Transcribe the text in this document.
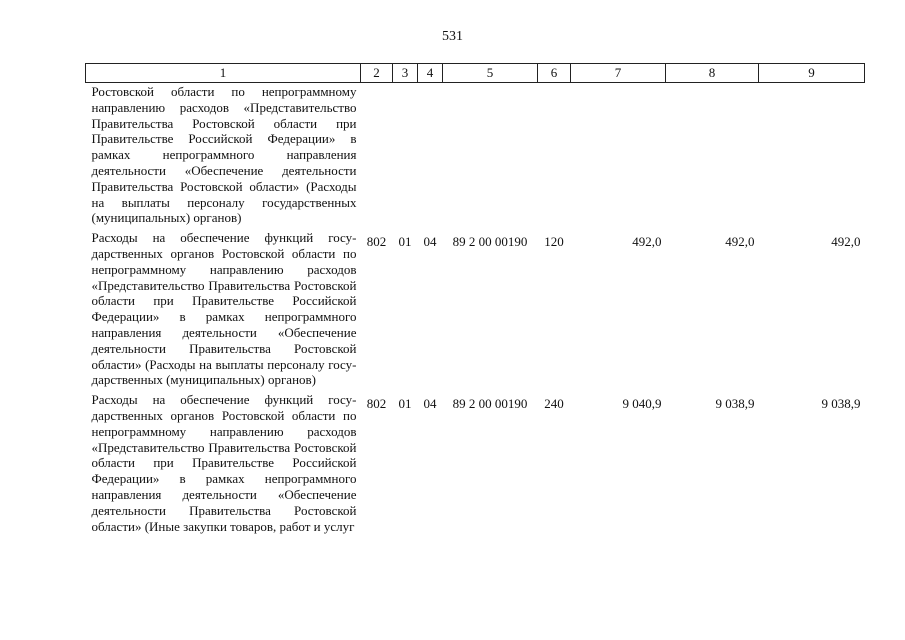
531
1	2	3	4	5	6	7	8	9
Ростовской области по непрограммному направлению расходов «Представительство Правительства Ростовской области при Правительстве Российской Федерации» в рамках непрограммного направления деятельности «Обеспечение деятельности Правительства Ростовской области» (Расходы на выплаты персоналу государственных (муниципальных) органов)								
Расходы на обеспечение функций государственных органов Ростовской области по непрограммному направлению расходов «Представительство Правительства Ростовской области при Правительстве Российской Федерации» в рамках непрограммного направления деятельности «Обеспечение деятельности Правительства Ростовской области» (Расходы на выплаты персоналу государственных (муниципальных) органов)	802	01	04	89 2 00 00190	120	492,0	492,0	492,0
Расходы на обеспечение функций государственных органов Ростовской области по непрограммному направлению расходов «Представительство Правительства Ростовской области при Правительстве Российской Федерации» в рамках непрограммного направления деятельности «Обеспечение деятельности Правительства Ростовской области» (Иные закупки товаров, работ и услуг	802	01	04	89 2 00 00190	240	9 040,9	9 038,9	9 038,9
